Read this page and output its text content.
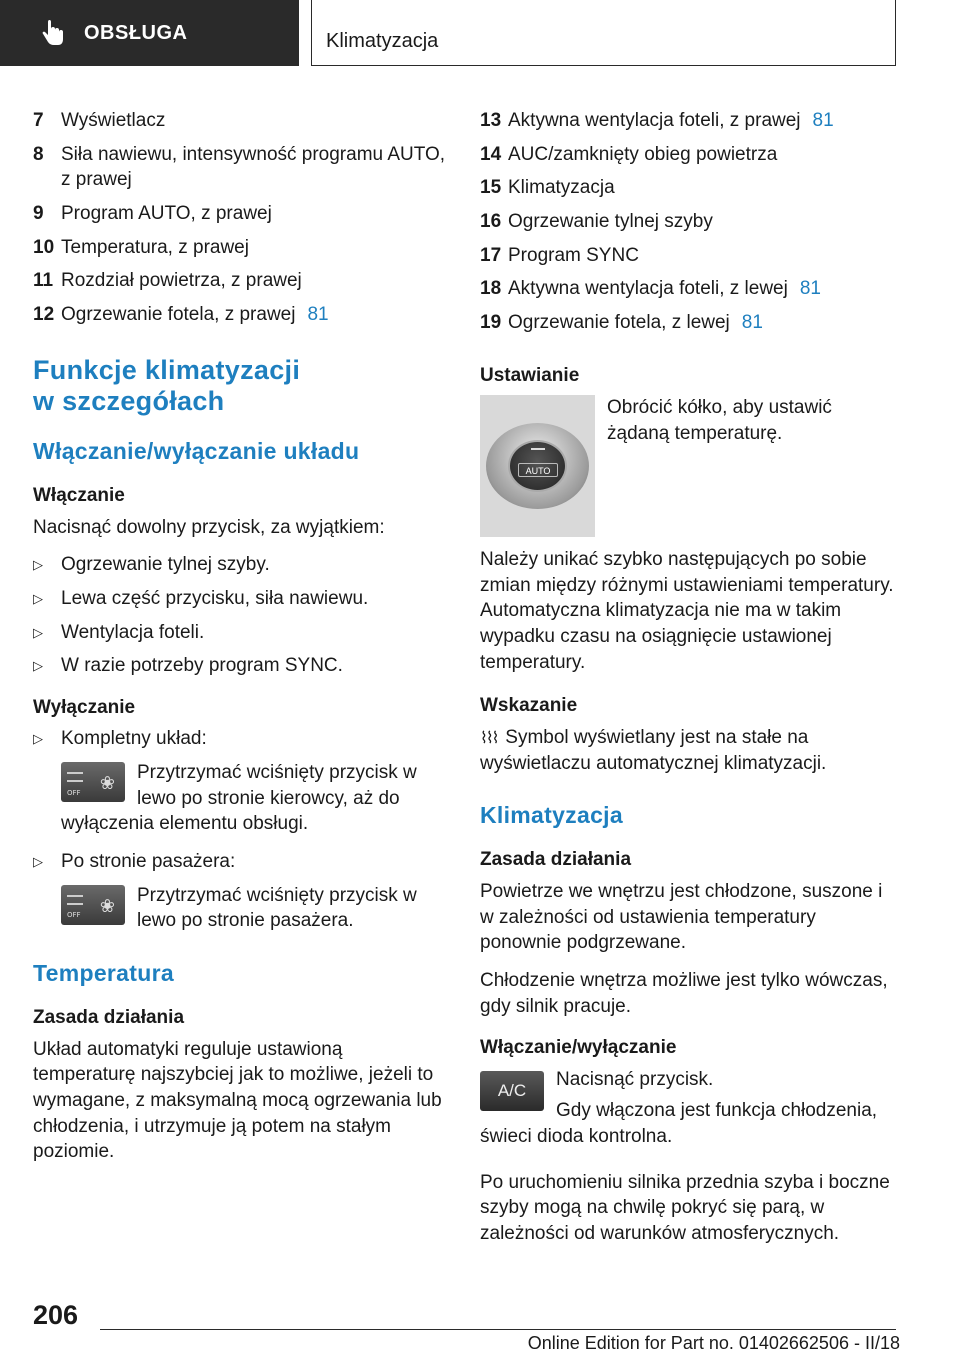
OBSŁUGA	Klimatyzacja
7 Wyświetlacz
8 Siła nawiewu, intensywność programu AUTO, z prawej
9 Program AUTO, z prawej
10 Temperatura, z prawej
11 Rozdział powietrza, z prawej
12 Ogrzewanie fotela, z prawej 81
Funkcje klimatyzacji w szczegółach
Włączanie/wyłączanie układu
Włączanie

Nacisnąć dowolny przycisk, za wyjątkiem:

▷ Ogrzewanie tylnej szyby.
▷ Lewa część przycisku, siła nawiewu.
▷ Wentylacja foteli.
▷ W razie potrzeby program SYNC.
Wyłączanie
▷ Kompletny układ:
OFF ❀ Przytrzymać wciśnięty przycisk w lewo po stronie kierowcy, aż do
wyłączenia elementu obsługi.
▷ Po stronie pasażera:
OFF ❀ Przytrzymać wciśnięty przycisk w lewo po stronie pasażera.
Temperatura
Zasada działania

Układ automatyki reguluje ustawioną temperaturę najszybciej jak to możliwe, jeżeli to wymagane, z maksymalną mocą ogrzewania lub chłodzenia, i utrzymuje ją potem na stałym poziomie.

13 Aktywna wentylacja foteli, z prawej 81
14 AUC/zamknięty obieg powietrza
15 Klimatyzacja
16 Ogrzewanie tylnej szyby
17 Program SYNC
18 Aktywna wentylacja foteli, z lewej 81
19 Ogrzewanie fotela, z lewej 81
Ustawianie
AUTO

Obrócić kółko, aby ustawić żądaną temperaturę.

Należy unikać szybko następujących po sobie zmian między różnymi ustawieniami temperatury. Automatyczna klimatyzacja nie ma w takim wypadku czasu na osiągnięcie ustawionej temperatury.

Wskazanie

⌇⌇⌇ Symbol wyświetlany jest na stałe na wyświetlaczu automatycznej klimatyzacji.

Klimatyzacja
Zasada działania

Powietrze we wnętrzu jest chłodzone, suszone i w zależności od ustawienia temperatury ponownie podgrzewane.

Chłodzenie wnętrza możliwe jest tylko wówczas, gdy silnik pracuje.

Włączanie/wyłączanie
A/C

Nacisnąć przycisk.

Gdy włączona jest funkcja chłodzenia, świeci dioda kontrolna.

Po uruchomieniu silnika przednia szyba i boczne szyby mogą na chwilę pokryć się parą, w zależności od warunków atmosferycznych.

206
Online Edition for Part no. 01402662506 - II/18
